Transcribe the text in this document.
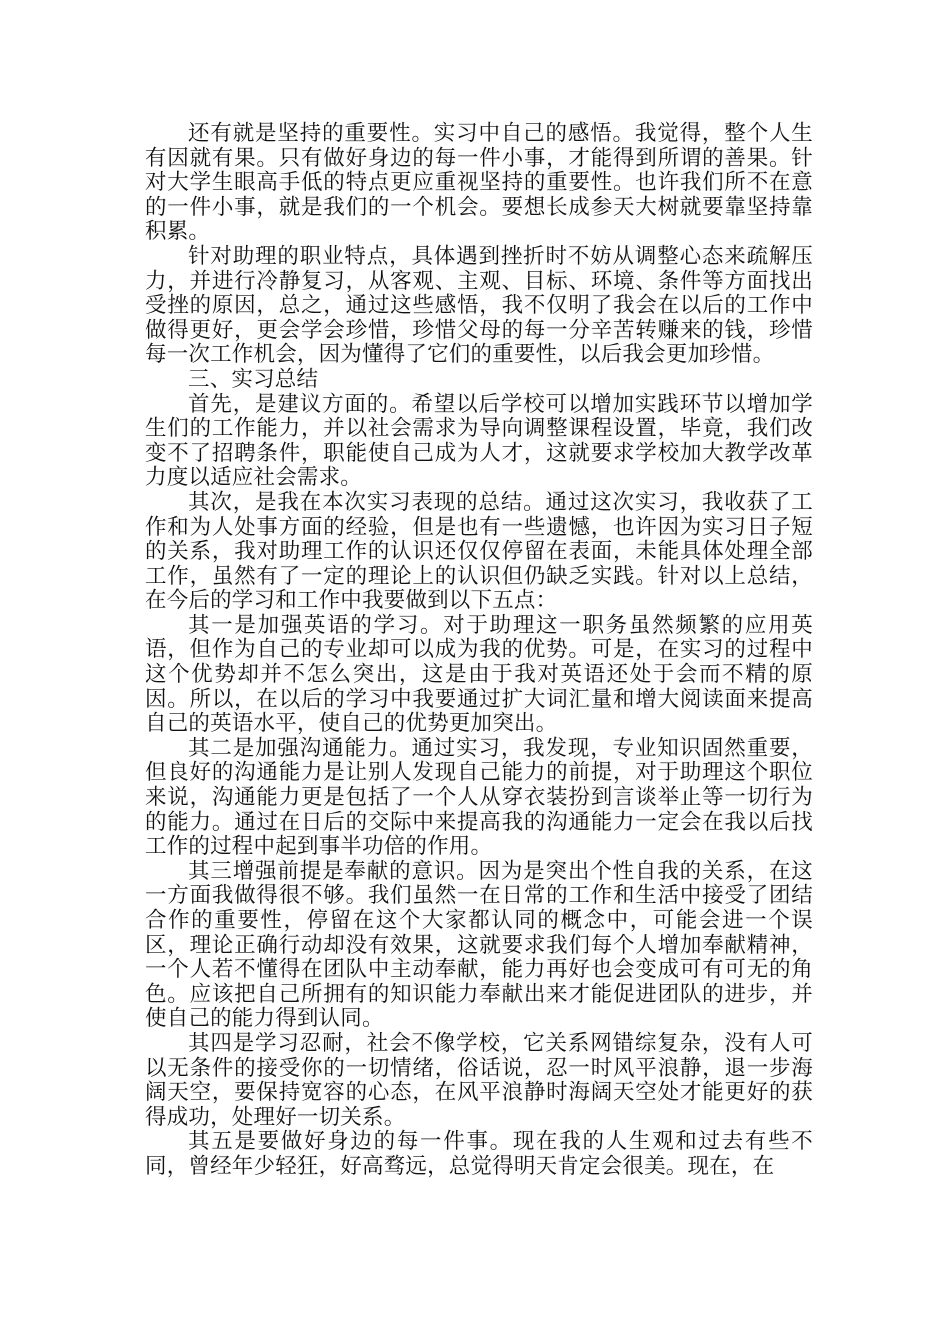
还有就是坚持的重要性。实习中自己的感悟。我觉得，整个人生有因就有果。只有做好身边的每一件小事，才能得到所谓的善果。针对大学生眼高手低的特点更应重视坚持的重要性。也许我们所不在意的一件小事，就是我们的一个机会。要想长成参天大树就要靠坚持靠积累。

针对助理的职业特点，具体遇到挫折时不妨从调整心态来疏解压力，并进行冷静复习，从客观、主观、目标、环境、条件等方面找出受挫的原因，总之，通过这些感悟，我不仅明了我会在以后的工作中做得更好，更会学会珍惜，珍惜父母的每一分辛苦转赚来的钱，珍惜每一次工作机会，因为懂得了它们的重要性，以后我会更加珍惜。

三、实习总结

首先，是建议方面的。希望以后学校可以增加实践环节以增加学生们的工作能力，并以社会需求为导向调整课程设置，毕竟，我们改变不了招聘条件，职能使自己成为人才，这就要求学校加大教学改革力度以适应社会需求。

其次，是我在本次实习表现的总结。通过这次实习，我收获了工作和为人处事方面的经验，但是也有一些遗憾，也许因为实习日子短的关系，我对助理工作的认识还仅仅停留在表面，未能具体处理全部工作，虽然有了一定的理论上的认识但仍缺乏实践。针对以上总结，在今后的学习和工作中我要做到以下五点：

其一是加强英语的学习。对于助理这一职务虽然频繁的应用英语，但作为自己的专业却可以成为我的优势。可是，在实习的过程中这个优势却并不怎么突出，这是由于我对英语还处于会而不精的原因。所以，在以后的学习中我要通过扩大词汇量和增大阅读面来提高自己的英语水平，使自己的优势更加突出。

其二是加强沟通能力。通过实习，我发现，专业知识固然重要，但良好的沟通能力是让别人发现自己能力的前提，对于助理这个职位来说，沟通能力更是包括了一个人从穿衣装扮到言谈举止等一切行为的能力。通过在日后的交际中来提高我的沟通能力一定会在我以后找工作的过程中起到事半功倍的作用。

其三增强前提是奉献的意识。因为是突出个性自我的关系，在这一方面我做得很不够。我们虽然一在日常的工作和生活中接受了团结合作的重要性，停留在这个大家都认同的概念中，可能会进一个误区，理论正确行动却没有效果，这就要求我们每个人增加奉献精神，一个人若不懂得在团队中主动奉献，能力再好也会变成可有可无的角色。应该把自己所拥有的知识能力奉献出来才能促进团队的进步，并使自己的能力得到认同。

其四是学习忍耐，社会不像学校，它关系网错综复杂，没有人可以无条件的接受你的一切情绪，俗话说，忍一时风平浪静，退一步海阔天空，要保持宽容的心态，在风平浪静时海阔天空处才能更好的获得成功，处理好一切关系。

其五是要做好身边的每一件事。现在我的人生观和过去有些不同，曾经年少轻狂，好高骛远，总觉得明天肯定会很美。现在，在
